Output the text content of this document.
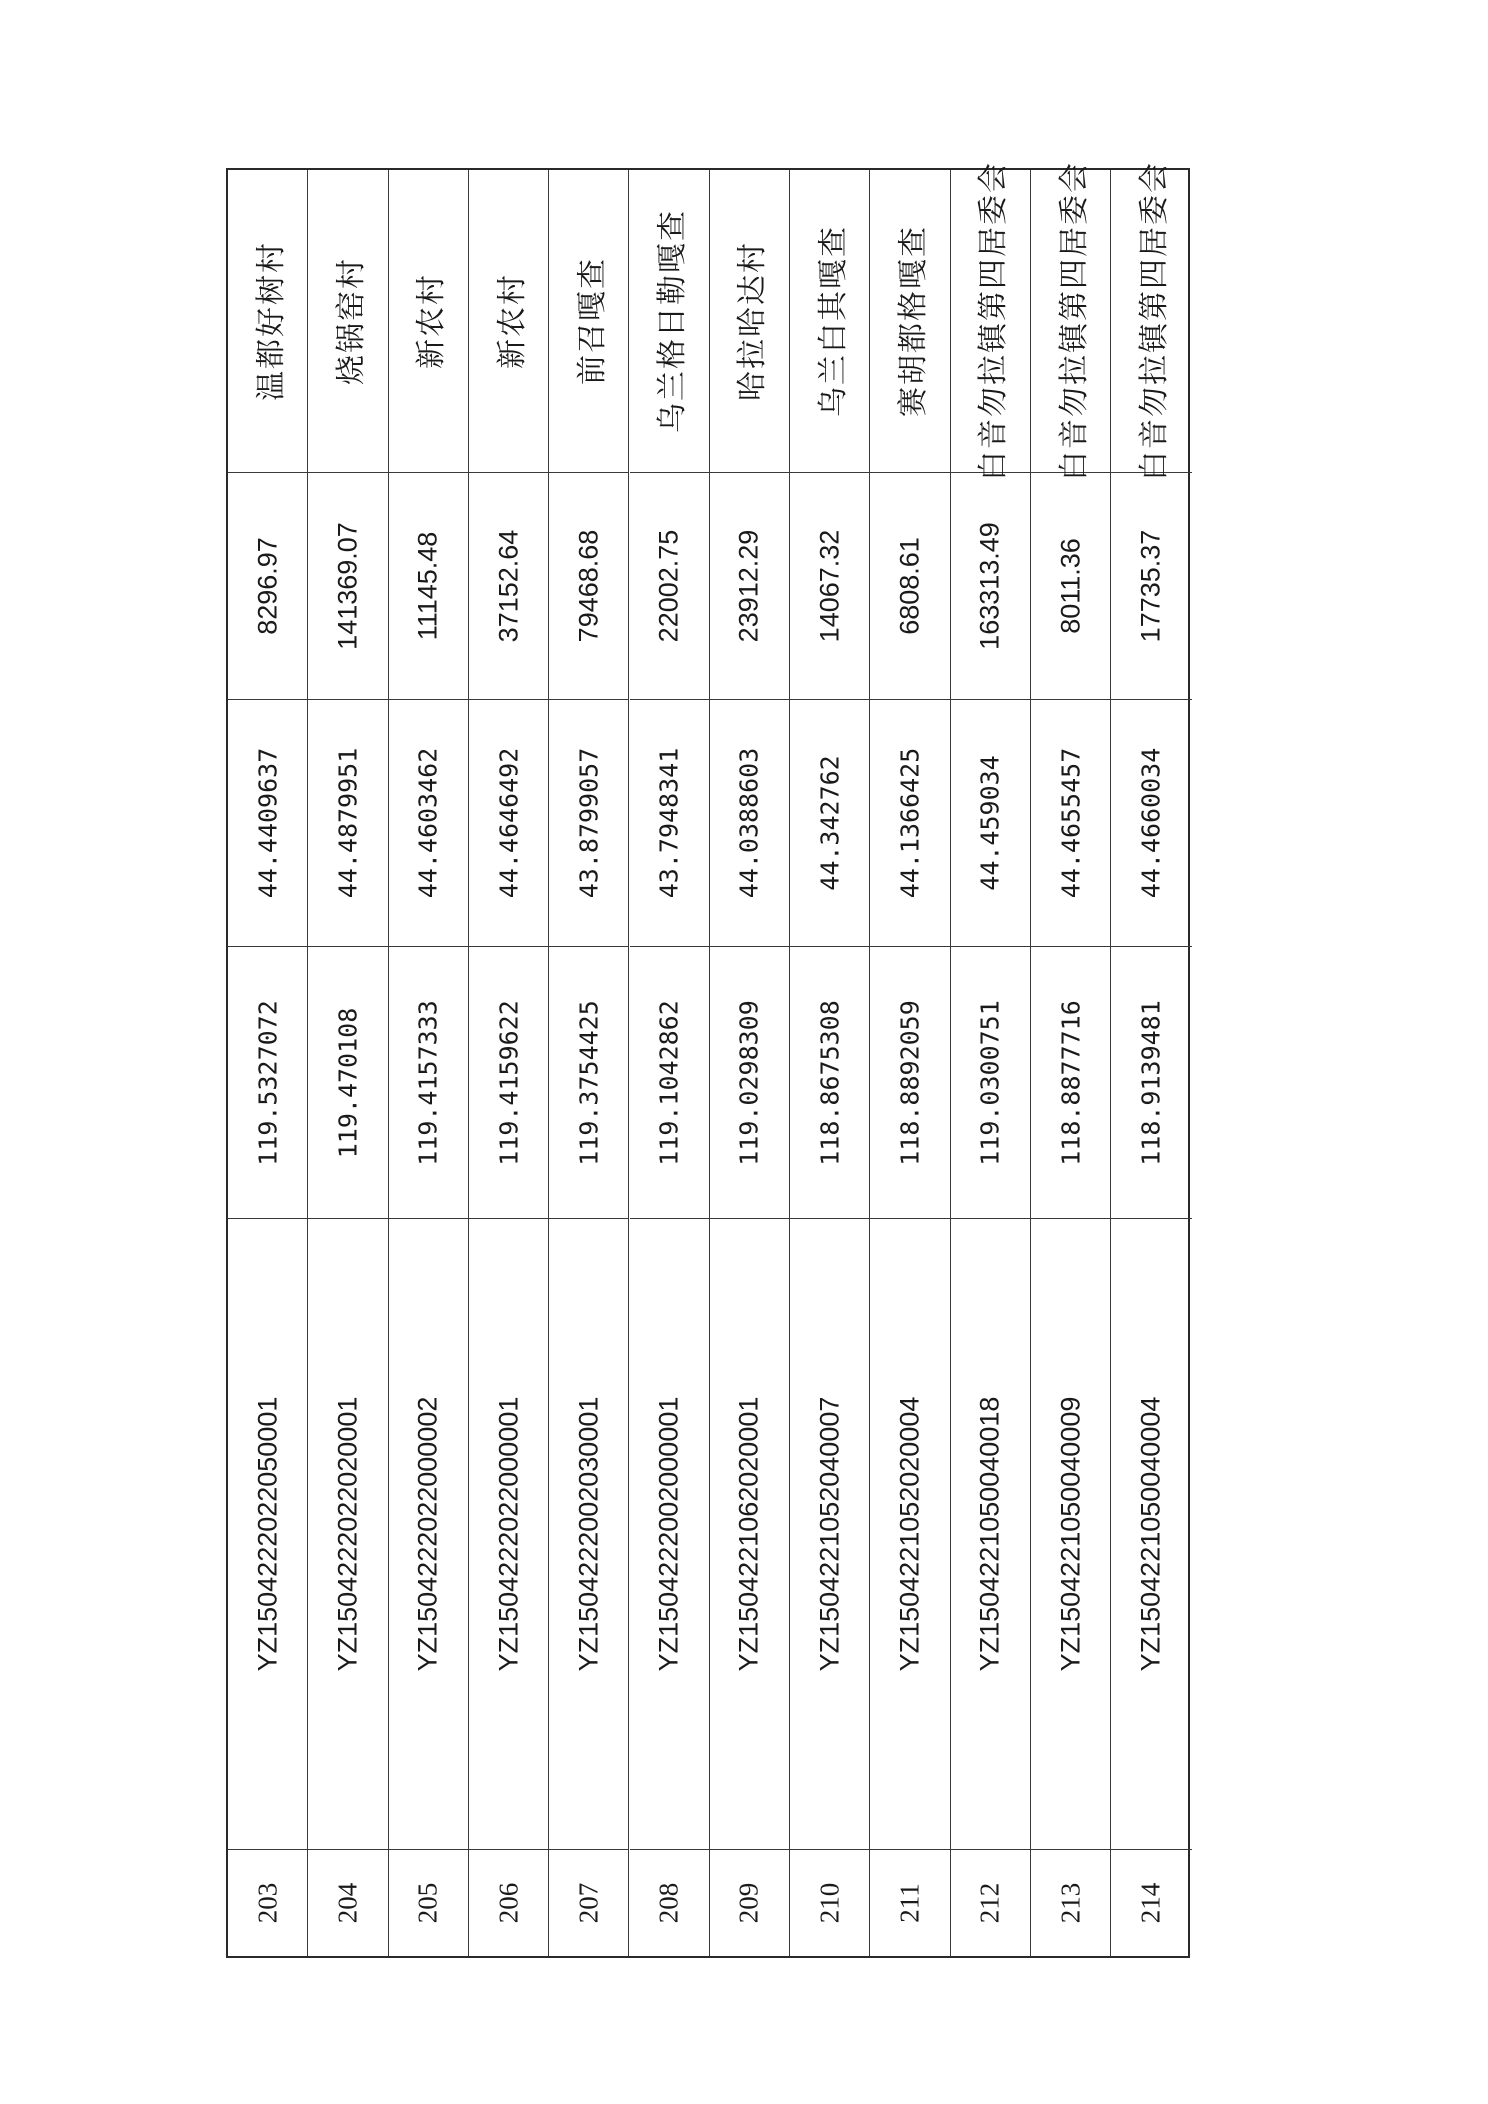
温都好树村
8296.97
44.4409637
119.5327072
YZ1504222022050001
203
烧锅窑村
141369.07
44.4879951
119.470108
YZ1504222022020001
204
新农村
11145.48
44.4603462
119.4157333
YZ1504222022000002
205
新农村
37152.64
44.4646492
119.4159622
YZ1504222022000001
206
前召嘎查
79468.68
43.8799057
119.3754425
YZ1504222002030001
207
乌兰格日勒嘎查
22002.75
43.7948341
119.1042862
YZ1504222002000001
208
哈拉哈达村
23912.29
44.0388603
119.0298309
YZ1504221062020001
209
乌兰白其嘎查
14067.32
44.342762
118.8675308
YZ1504221052040007
210
赛胡都格嘎查
6808.61
44.1366425
118.8892059
YZ1504221052020004
211
白音勿拉镇第四居委会
163313.49
44.459034
119.0300751
YZ1504221050040018
212
白音勿拉镇第四居委会
8011.36
44.4655457
118.8877716
YZ1504221050040009
213
白音勿拉镇第四居委会
17735.37
44.4660034
118.9139481
YZ1504221050040004
214
